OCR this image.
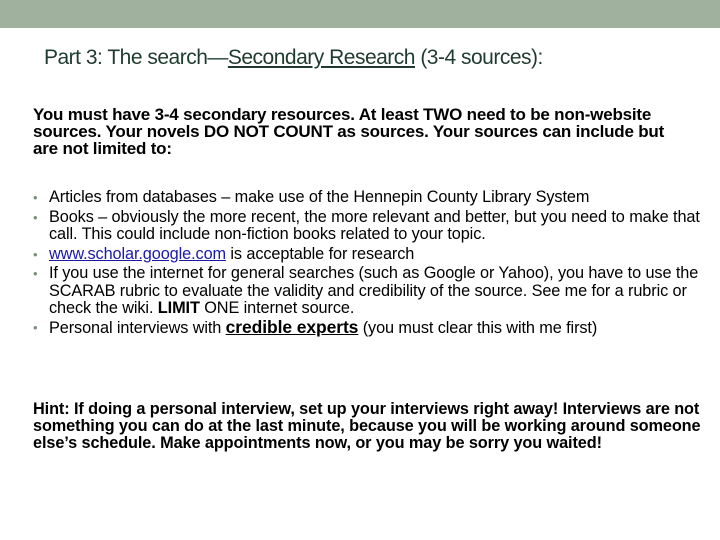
Part 3: The search—Secondary Research (3-4 sources):
You must have 3-4 secondary resources. At least TWO need to be non-website sources. Your novels DO NOT COUNT as sources. Your sources can include but are not limited to:
• Articles from databases – make use of the Hennepin County Library System
• Books – obviously the more recent, the more relevant and better, but you need to make that call. This could include non-fiction books related to your topic.
• www.scholar.google.com is acceptable for research
• If you use the internet for general searches (such as Google or Yahoo), you have to use the SCARAB rubric to evaluate the validity and credibility of the source. See me for a rubric or check the wiki. LIMIT ONE internet source.
• Personal interviews with credible experts (you must clear this with me first)
Hint: If doing a personal interview, set up your interviews right away! Interviews are not something you can do at the last minute, because you will be working around someone else’s schedule. Make appointments now, or you may be sorry you waited!
